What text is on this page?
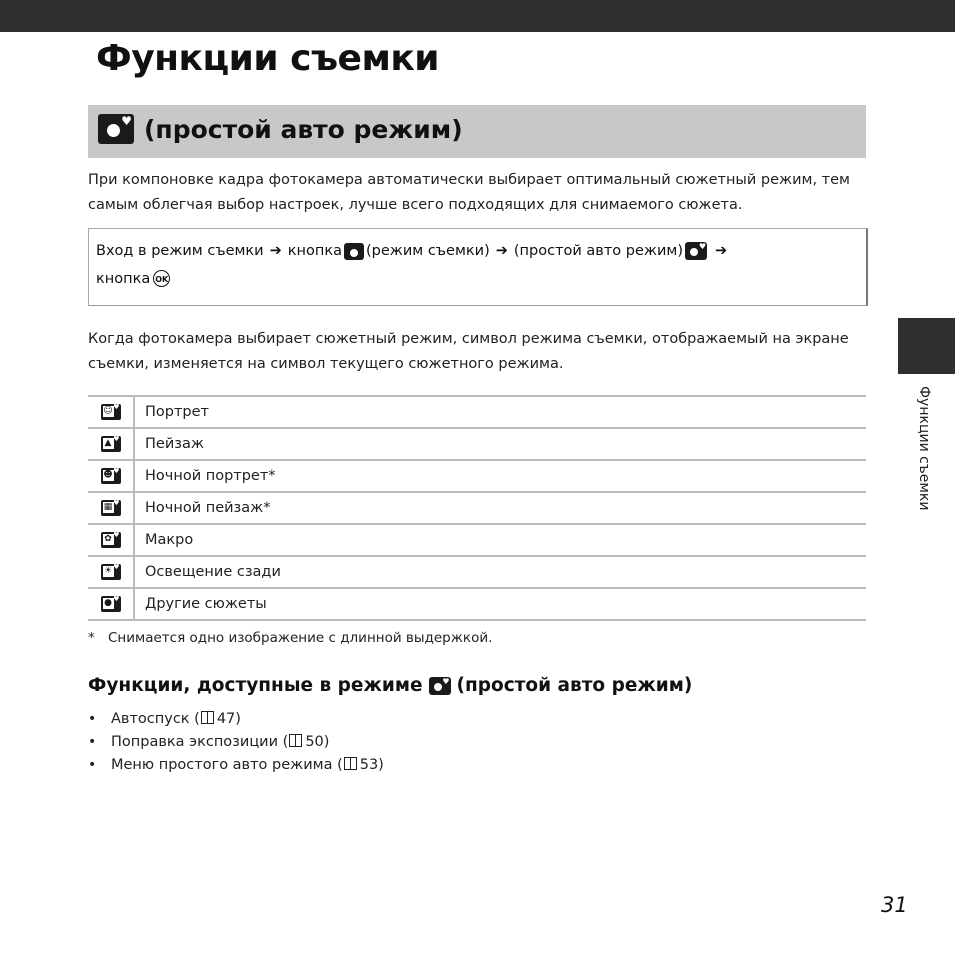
Функции съемки
♥ (простой авто режим)

При компоновке кадра фотокамера автоматически выбирает оптимальный сюжетный режим, тем самым облегчая выбор настроек, лучше всего подходящих для снимаемого сюжета.

Вход в режим съемки ➔ кнопка (режим съемки) ➔ (простой авто режим) ♥ ➔
кнопка OK

Когда фотокамера выбирает сюжетный режим, символ режима съемки, отображаемый на экране съемки, изменяется на символ текущего сюжетного режима.

☺ ♥	Портрет

▲ ♥	Пейзаж

☻ ♥	Ночной портрет*

▦ ♥	Ночной пейзаж*

✿ ♥	Макро

☀ ♥	Освещение сзади

● ♥	Другие сюжеты

* Снимается одно изображение с длинной выдержкой.

Функции, доступные в режиме ♥ (простой авто режим)
• Автоспуск ( 47)
• Поправка экспозиции ( 50)
• Меню простого авто режима ( 53)
Функции съемки

31
